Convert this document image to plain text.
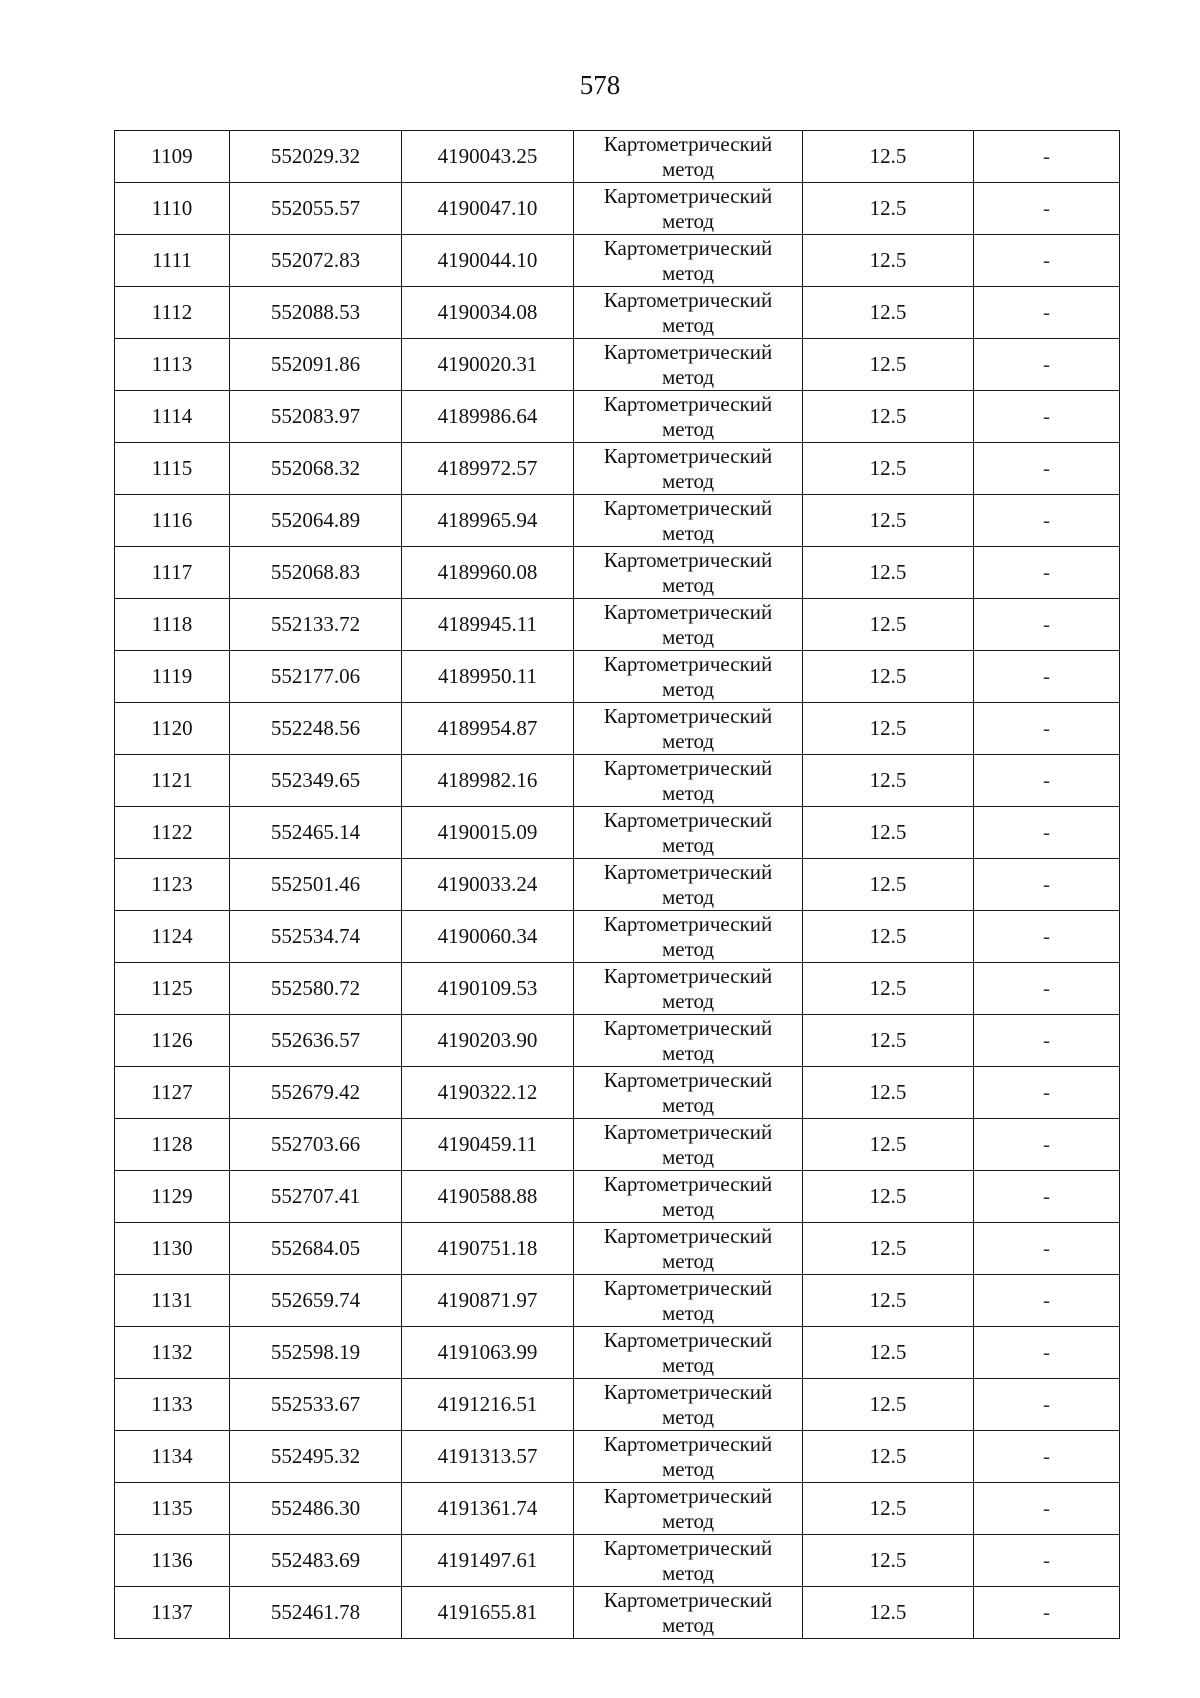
578
1109	552029.32	4190043.25	Картометрический
метод	12.5	-
1110	552055.57	4190047.10	Картометрический
метод	12.5	-
1111	552072.83	4190044.10	Картометрический
метод	12.5	-
1112	552088.53	4190034.08	Картометрический
метод	12.5	-
1113	552091.86	4190020.31	Картометрический
метод	12.5	-
1114	552083.97	4189986.64	Картометрический
метод	12.5	-
1115	552068.32	4189972.57	Картометрический
метод	12.5	-
1116	552064.89	4189965.94	Картометрический
метод	12.5	-
1117	552068.83	4189960.08	Картометрический
метод	12.5	-
1118	552133.72	4189945.11	Картометрический
метод	12.5	-
1119	552177.06	4189950.11	Картометрический
метод	12.5	-
1120	552248.56	4189954.87	Картометрический
метод	12.5	-
1121	552349.65	4189982.16	Картометрический
метод	12.5	-
1122	552465.14	4190015.09	Картометрический
метод	12.5	-
1123	552501.46	4190033.24	Картометрический
метод	12.5	-
1124	552534.74	4190060.34	Картометрический
метод	12.5	-
1125	552580.72	4190109.53	Картометрический
метод	12.5	-
1126	552636.57	4190203.90	Картометрический
метод	12.5	-
1127	552679.42	4190322.12	Картометрический
метод	12.5	-
1128	552703.66	4190459.11	Картометрический
метод	12.5	-
1129	552707.41	4190588.88	Картометрический
метод	12.5	-
1130	552684.05	4190751.18	Картометрический
метод	12.5	-
1131	552659.74	4190871.97	Картометрический
метод	12.5	-
1132	552598.19	4191063.99	Картометрический
метод	12.5	-
1133	552533.67	4191216.51	Картометрический
метод	12.5	-
1134	552495.32	4191313.57	Картометрический
метод	12.5	-
1135	552486.30	4191361.74	Картометрический
метод	12.5	-
1136	552483.69	4191497.61	Картометрический
метод	12.5	-
1137	552461.78	4191655.81	Картометрический
метод	12.5	-
